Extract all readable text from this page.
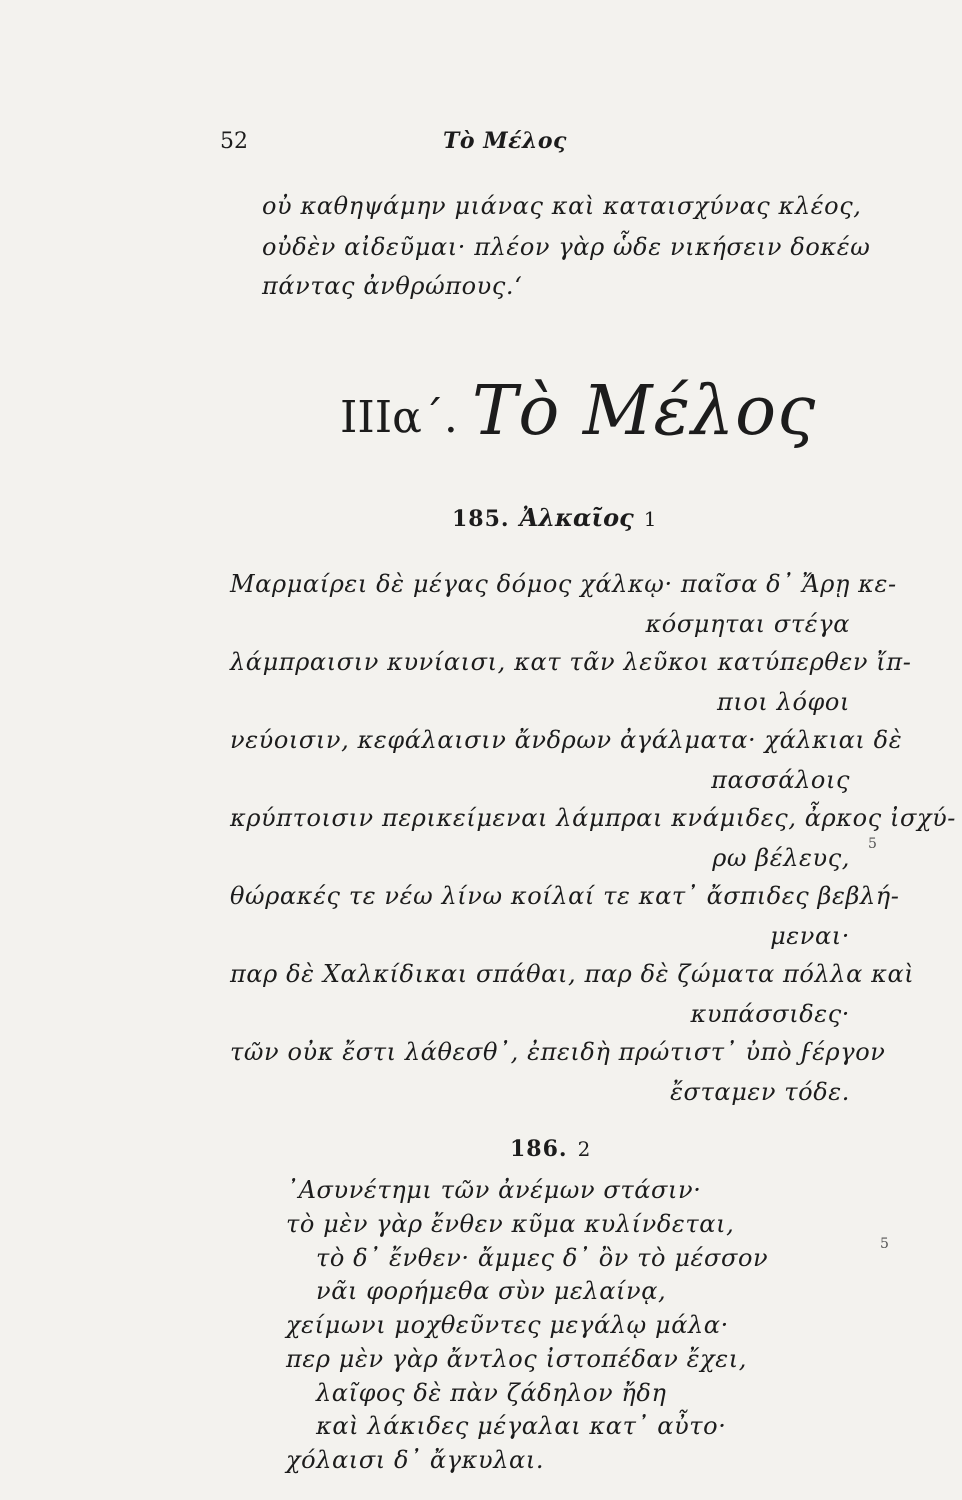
52	Τὸ Μέλος
οὐ καθηψάμην μιάνας καὶ καταισχύνας κλέος,
οὐδὲν αἰδεῦμαι· πλέον γὰρ ὧδε νικήσειν δοκέω
πάντας ἀνθρώπους.‘
ΙΙΙα΄. Τὸ Μέλος
185. Ἀλκαῖος 1
Μαρμαίρει δὲ μέγας δόμος χάλκῳ· παῖσα δ᾿ Ἄρῃ κε-
κόσμηται στέγα
λάμπραισιν κυνίαισι, κατ τᾶν λεῦκοι κατύπερθεν ἴπ-
πιοι λόφοι
νεύοισιν, κεφάλαισιν ἄνδρων ἀγάλματα· χάλκιαι δὲ
πασσάλοις
κρύπτοισιν περικείμεναι λάμπραι κνάμιδες, ἆρκος ἰσχύ-
ρω βέλευς,
θώρακές τε νέω λίνω κοίλαί τε κατ᾿ ἄσπιδες βεβλή-
μεναι·
παρ δὲ Χαλκίδικαι σπάθαι, παρ δὲ ζώματα πόλλα καὶ
κυπάσσιδες·
τῶν οὐκ ἔστι λάθεσθ᾿, ἐπειδὴ πρώτιστ᾿ ὐπὸ ϝέργον
ἔσταμεν τόδε.
186. 2
᾿Ασυνέτημι τῶν ἀνέμων στάσιν·
τὸ μὲν γὰρ ἔνθεν κῦμα κυλίνδεται,
τὸ δ᾿ ἔνθεν· ἄμμες δ᾿ ὂν τὸ μέσσον
νᾶι φορήμεθα σὺν μελαίνᾳ,
χείμωνι μοχθεῦντες μεγάλῳ μάλα·
περ μὲν γὰρ ἄντλος ἰστοπέδαν ἔχει,
λαῖφος δὲ πὰν ζάδηλον ἤδη
καὶ λάκιδες μέγαλαι κατ᾿ αὖτο·
χόλαισι δ᾿ ἄγκυλαι.
5
5
